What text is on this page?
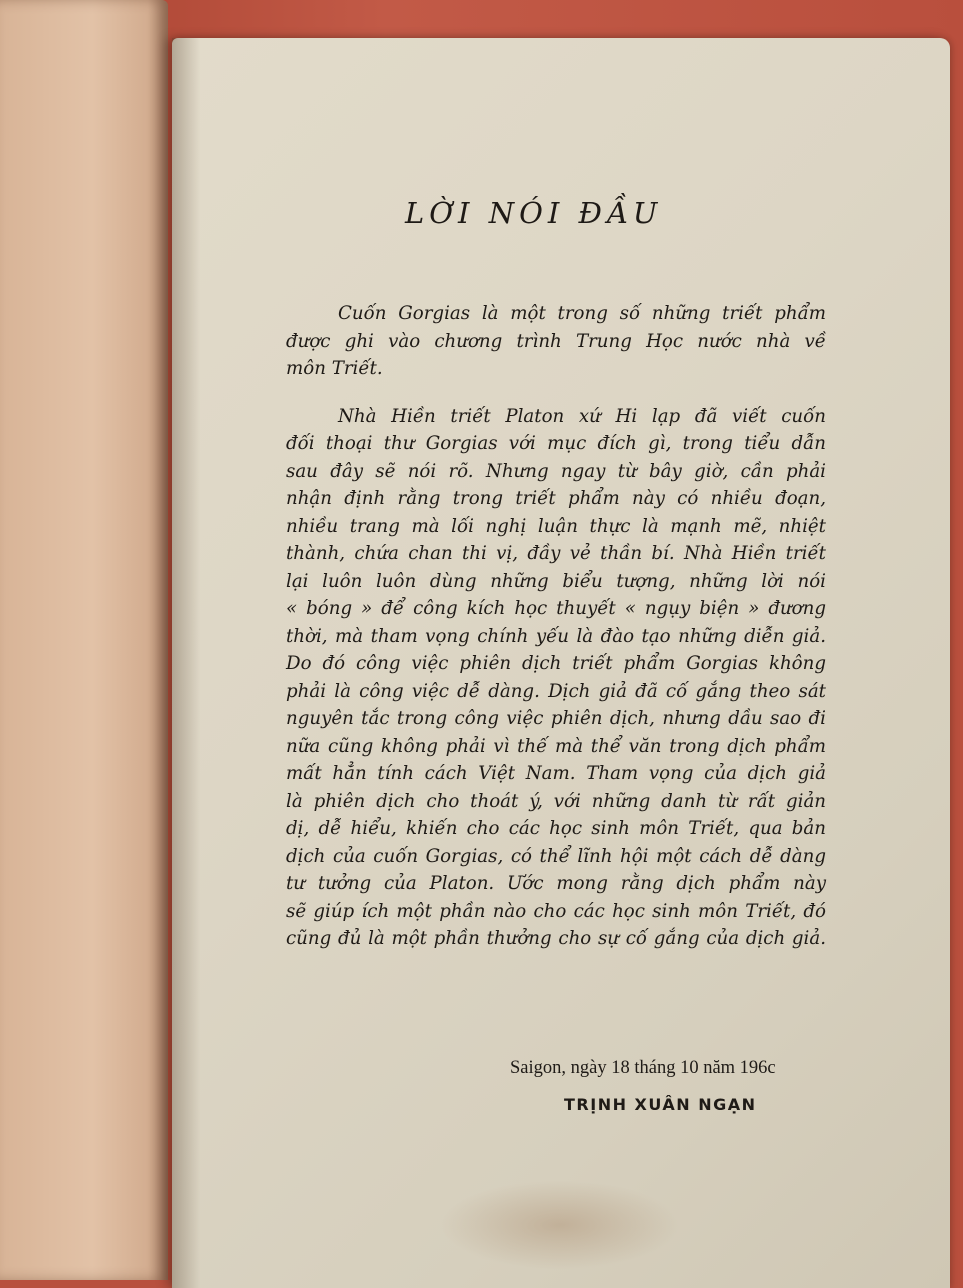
LỜI NÓI ĐẦU

Cuốn Gorgias là một trong số những triết phẩm
được ghi vào chương trình Trung Học nước nhà về
môn Triết.

Nhà Hiền triết Platon xứ Hi lạp đã viết cuốn
đối thoại thư Gorgias với mục đích gì, trong tiểu dẫn
sau đây sẽ nói rõ. Nhưng ngay từ bây giờ, cần phải
nhận định rằng trong triết phẩm này có nhiều đoạn,
nhiều trang mà lối nghị luận thực là mạnh mẽ, nhiệt
thành, chứa chan thi vị, đầy vẻ thần bí. Nhà Hiền triết
lại luôn luôn dùng những biểu tượng, những lời nói
« bóng » để công kích học thuyết « ngụy biện » đương
thời, mà tham vọng chính yếu là đào tạo những diễn giả.
Do đó công việc phiên dịch triết phẩm Gorgias không
phải là công việc dễ dàng. Dịch giả đã cố gắng theo sát
nguyên tắc trong công việc phiên dịch, nhưng dầu sao đi
nữa cũng không phải vì thế mà thể văn trong dịch phẩm
mất hẳn tính cách Việt Nam. Tham vọng của dịch giả
là phiên dịch cho thoát ý, với những danh từ rất giản
dị, dễ hiểu, khiến cho các học sinh môn Triết, qua bản
dịch của cuốn Gorgias, có thể lĩnh hội một cách dễ dàng
tư tưởng của Platon. Ước mong rằng dịch phẩm này
sẽ giúp ích một phần nào cho các học sinh môn Triết, đó
cũng đủ là một phần thưởng cho sự cố gắng của dịch giả.

Saigon, ngày 18 tháng 10 năm 196c
TRỊNH XUÂN NGẠN
